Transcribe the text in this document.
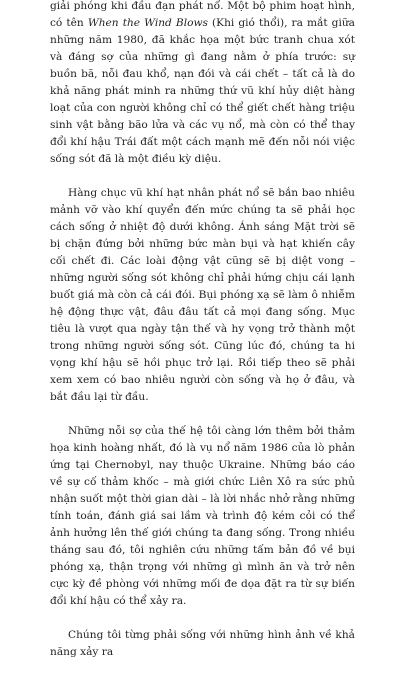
giải phóng khi đầu đạn phát nổ. Một bộ phim hoạt hình, có tên When the Wind Blows (Khi gió thổi), ra mắt giữa những năm 1980, đã khắc họa một bức tranh chua xót và đáng sợ của những gì đang nằm ở phía trước: sự buồn bã, nỗi đau khổ, nạn đói và cái chết – tất cả là do khả năng phát minh ra những thứ vũ khí hủy diệt hàng loạt của con người không chỉ có thể giết chết hàng triệu sinh vật bằng bão lửa và các vụ nổ, mà còn có thể thay đổi khí hậu Trái đất một cách mạnh mẽ đến nỗi nói việc sống sót đã là một điều kỳ diệu.

Hàng chục vũ khí hạt nhân phát nổ sẽ bắn bao nhiêu mảnh vỡ vào khí quyển đến mức chúng ta sẽ phải học cách sống ở nhiệt độ dưới không. Ánh sáng Mặt trời sẽ bị chặn đứng bởi những bức màn bụi và hạt khiến cây cối chết đi. Các loài động vật cũng sẽ bị diệt vong – những người sống sót không chỉ phải hứng chịu cái lạnh buốt giá mà còn cả cái đói. Bụi phóng xạ sẽ làm ô nhiễm hệ động thực vật, đâu đâu tất cả mọi đang sống. Mục tiêu là vượt qua ngày tận thế và hy vọng trở thành một trong những người sống sót. Cũng lúc đó, chúng ta hi vọng khí hậu sẽ hồi phục trở lại. Rồi tiếp theo sẽ phải xem xem có bao nhiêu người còn sống và họ ở đâu, và bắt đầu lại từ đầu.

Những nỗi sợ của thế hệ tôi càng lớn thêm bởi thảm họa kinh hoàng nhất, đó là vụ nổ năm 1986 của lò phản ứng tại Chernobyl, nay thuộc Ukraine. Những báo cáo về sự cố thảm khốc – mà giới chức Liên Xô ra sức phủ nhận suốt một thời gian dài – là lời nhắc nhở rằng những tính toán, đánh giá sai lầm và trình độ kém cỏi có thể ảnh hưởng lên thế giới chúng ta đang sống. Trong nhiều tháng sau đó, tôi nghiên cứu những tấm bản đồ về bụi phóng xạ, thận trọng với những gì mình ăn và trở nên cực kỳ đề phòng với những mối đe dọa đặt ra từ sự biến đổi khí hậu có thể xảy ra.

Chúng tôi từng phải sống với những hình ảnh về khả năng xảy ra
